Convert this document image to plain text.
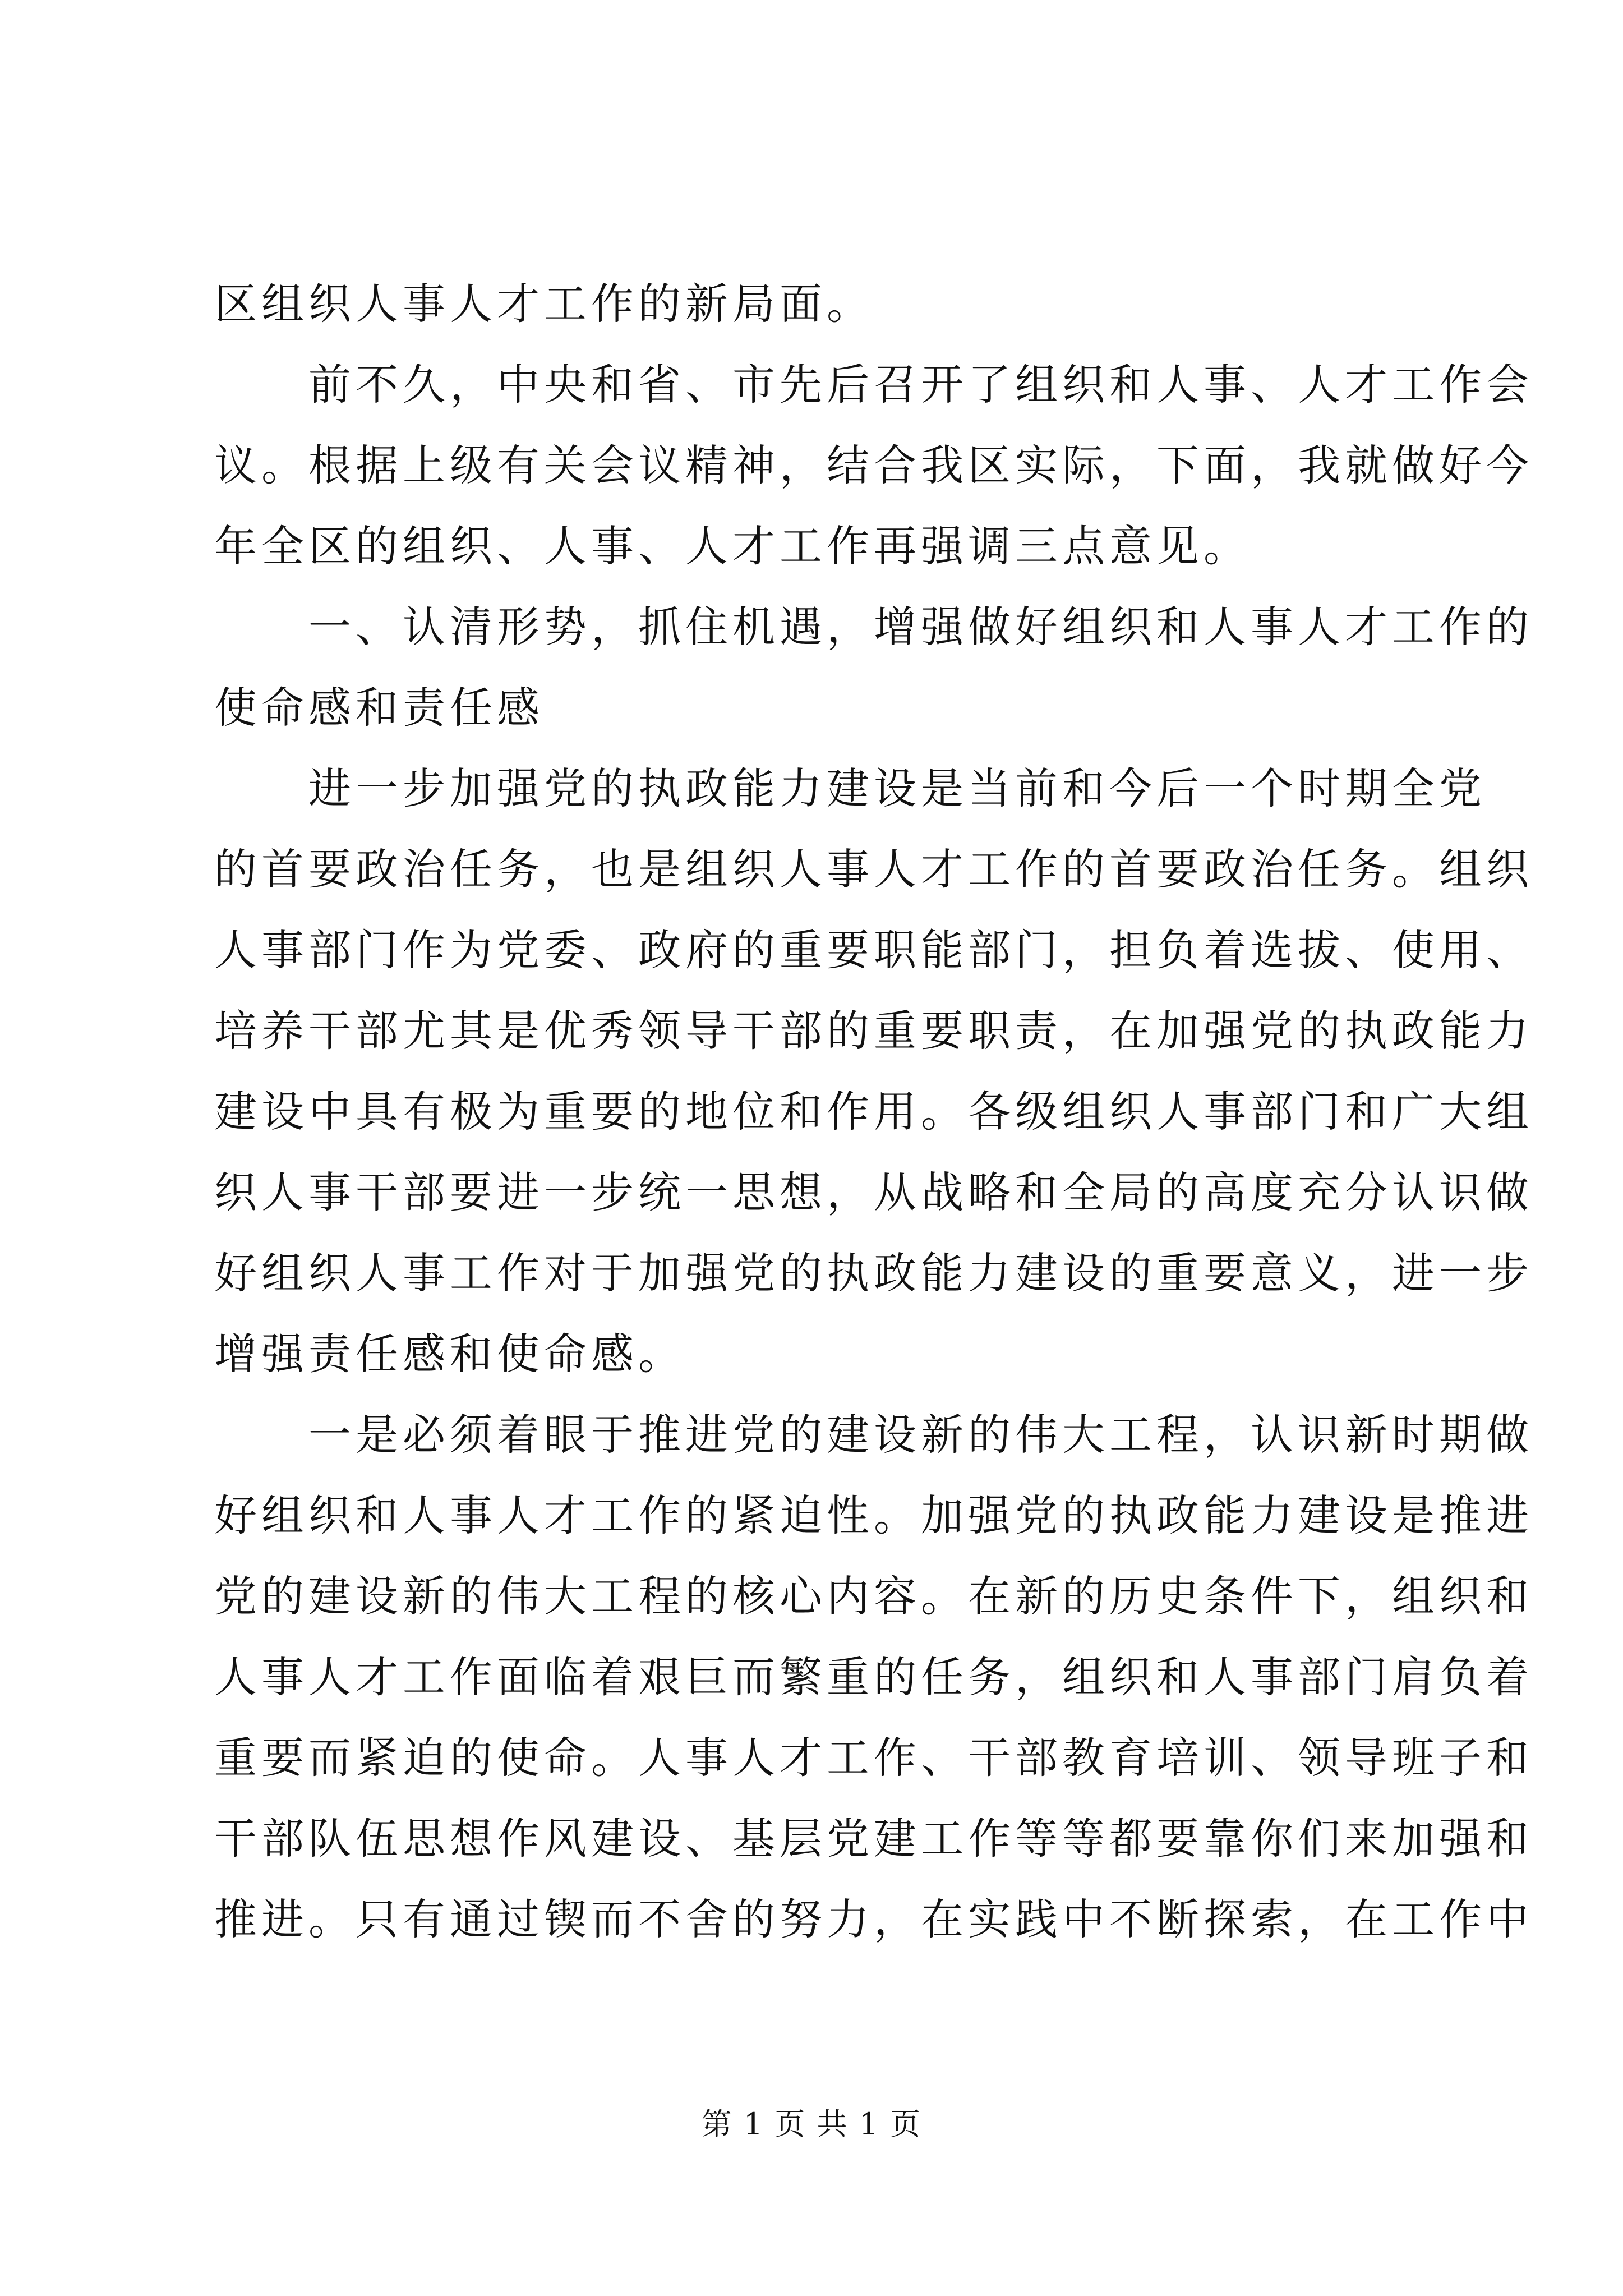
区组织人事人才工作的新局面。
　　前不久，中央和省、市先后召开了组织和人事、人才工作会
议。根据上级有关会议精神，结合我区实际，下面，我就做好今
年全区的组织、人事、人才工作再强调三点意见。
　　一、认清形势，抓住机遇，增强做好组织和人事人才工作的
使命感和责任感
　　进一步加强党的执政能力建设是当前和今后一个时期全党
的首要政治任务，也是组织人事人才工作的首要政治任务。组织
人事部门作为党委、政府的重要职能部门，担负着选拔、使用、
培养干部尤其是优秀领导干部的重要职责，在加强党的执政能力
建设中具有极为重要的地位和作用。各级组织人事部门和广大组
织人事干部要进一步统一思想，从战略和全局的高度充分认识做
好组织人事工作对于加强党的执政能力建设的重要意义，进一步
增强责任感和使命感。
　　一是必须着眼于推进党的建设新的伟大工程，认识新时期做
好组织和人事人才工作的紧迫性。加强党的执政能力建设是推进
党的建设新的伟大工程的核心内容。在新的历史条件下，组织和
人事人才工作面临着艰巨而繁重的任务，组织和人事部门肩负着
重要而紧迫的使命。人事人才工作、干部教育培训、领导班子和
干部队伍思想作风建设、基层党建工作等等都要靠你们来加强和
推进。只有通过锲而不舍的努力，在实践中不断探索，在工作中
第 1 页 共 1 页
